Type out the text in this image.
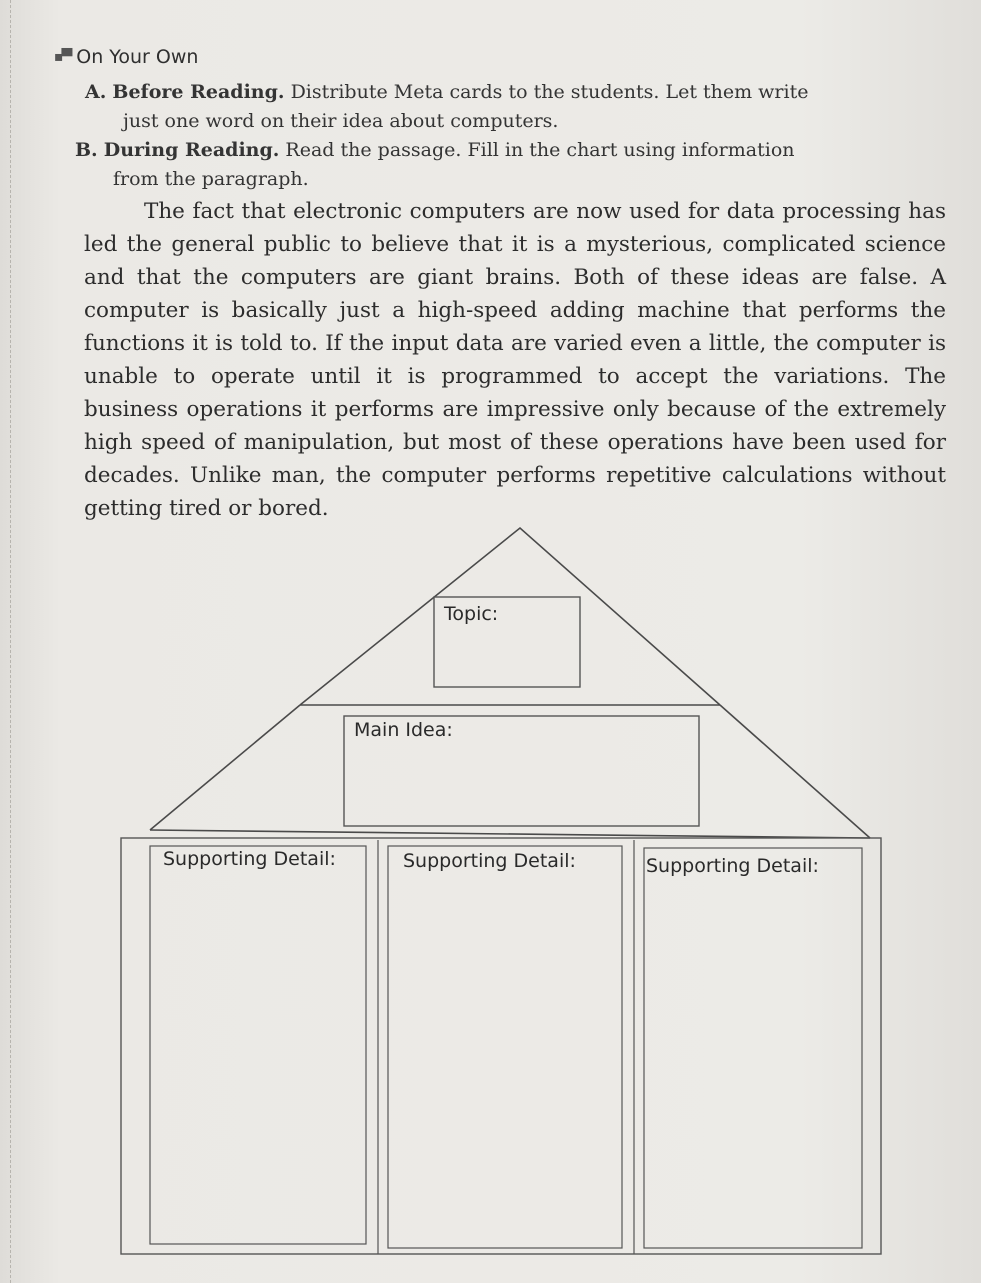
▪▀ On Your Own
A. Before Reading. Distribute Meta cards to the students. Let them write
just one word on their idea about computers.
B. During Reading. Read the passage. Fill in the chart using information
from the paragraph.

The fact that electronic computers are now used for data processing has led the general public to believe that it is a mysterious, complicated science and that the computers are giant brains. Both of these ideas are false. A computer is basically just a high-speed adding machine that performs the functions it is told to. If the input data are varied even a little, the computer is unable to operate until it is programmed to accept the variations. The business operations it performs are impressive only because of the extremely high speed of manipulation, but most of these operations have been used for decades. Unlike man, the computer performs repetitive calculations without getting tired or bored.

Topic:
Main Idea:
Supporting Detail:	Supporting Detail:	Supporting Detail:
